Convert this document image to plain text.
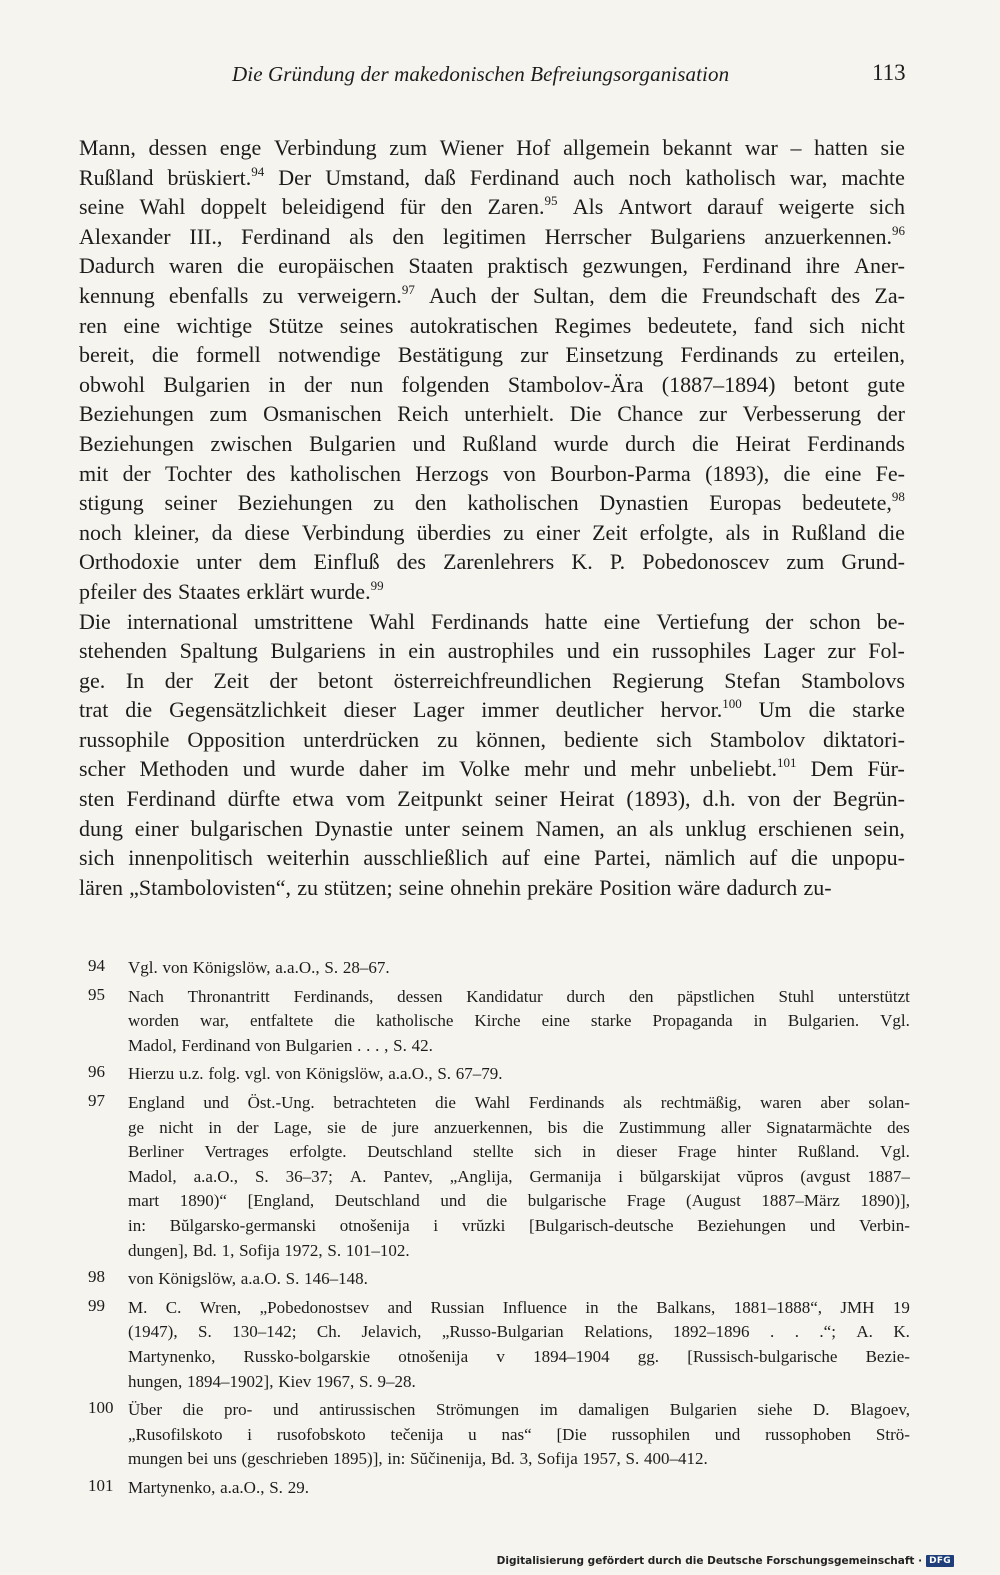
Die Gründung der makedonischen Befreiungsorganisation	113
Mann, dessen enge Verbindung zum Wiener Hof allgemein bekannt war – hatten sie
Rußland brüskiert.$^{94}$ Der Umstand, daß Ferdinand auch noch katholisch war, machte
seine Wahl doppelt beleidigend für den Zaren.$^{95}$ Als Antwort darauf weigerte sich
Alexander III., Ferdinand als den legitimen Herrscher Bulgariens anzuerkennen.$^{96}$
Dadurch waren die europäischen Staaten praktisch gezwungen, Ferdinand ihre Aner-
kennung ebenfalls zu verweigern.$^{97}$ Auch der Sultan, dem die Freundschaft des Za-
ren eine wichtige Stütze seines autokratischen Regimes bedeutete, fand sich nicht
bereit, die formell notwendige Bestätigung zur Einsetzung Ferdinands zu erteilen,
obwohl Bulgarien in der nun folgenden Stambolov-Ära (1887–1894) betont gute
Beziehungen zum Osmanischen Reich unterhielt. Die Chance zur Verbesserung der
Beziehungen zwischen Bulgarien und Rußland wurde durch die Heirat Ferdinands
mit der Tochter des katholischen Herzogs von Bourbon-Parma (1893), die eine Fe-
stigung seiner Beziehungen zu den katholischen Dynastien Europas bedeutete,$^{98}$
noch kleiner, da diese Verbindung überdies zu einer Zeit erfolgte, als in Rußland die
Orthodoxie unter dem Einfluß des Zarenlehrers K. P. Pobedonoscev zum Grund-
pfeiler des Staates erklärt wurde.$^{99}$
Die international umstrittene Wahl Ferdinands hatte eine Vertiefung der schon be-
stehenden Spaltung Bulgariens in ein austrophiles und ein russophiles Lager zur Fol-
ge. In der Zeit der betont österreichfreundlichen Regierung Stefan Stambolovs
trat die Gegensätzlichkeit dieser Lager immer deutlicher hervor.$^{100}$ Um die starke
russophile Opposition unterdrücken zu können, bediente sich Stambolov diktatori-
scher Methoden und wurde daher im Volke mehr und mehr unbeliebt.$^{101}$ Dem Für-
sten Ferdinand dürfte etwa vom Zeitpunkt seiner Heirat (1893), d.h. von der Begrün-
dung einer bulgarischen Dynastie unter seinem Namen, an als unklug erschienen sein,
sich innenpolitisch weiterhin ausschließlich auf eine Partei, nämlich auf die unpopu-
lären „Stambolovisten“, zu stützen; seine ohnehin prekäre Position wäre dadurch zu-
94	Vgl. von Königslöw, a.a.O., S. 28–67.
95	Nach Thronantritt Ferdinands, dessen Kandidatur durch den päpstlichen Stuhl unterstützt
worden war, entfaltete die katholische Kirche eine starke Propaganda in Bulgarien. Vgl.
Madol, Ferdinand von Bulgarien . . . , S. 42.
96	Hierzu u.z. folg. vgl. von Königslöw, a.a.O., S. 67–79.
97	England und Öst.-Ung. betrachteten die Wahl Ferdinands als rechtmäßig, waren aber solan-
ge nicht in der Lage, sie de jure anzuerkennen, bis die Zustimmung aller Signatarmächte des
Berliner Vertrages erfolgte. Deutschland stellte sich in dieser Frage hinter Rußland. Vgl.
Madol, a.a.O., S. 36–37; A. Pantev, „Anglija, Germanija i bŭlgarskijat vŭpros (avgust 1887–
mart 1890)“ [England, Deutschland und die bulgarische Frage (August 1887–März 1890)],
in: Bŭlgarsko-germanski otnošenija i vrŭzki [Bulgarisch-deutsche Beziehungen und Verbin-
dungen], Bd. 1, Sofija 1972, S. 101–102.
98	von Königslöw, a.a.O. S. 146–148.
99	M. C. Wren, „Pobedonostsev and Russian Influence in the Balkans, 1881–1888“, JMH 19
(1947), S. 130–142; Ch. Jelavich, „Russo-Bulgarian Relations, 1892–1896 . . .“; A. K.
Martynenko, Russko-bolgarskie otnošenija v 1894–1904 gg. [Russisch-bulgarische Bezie-
hungen, 1894–1902], Kiev 1967, S. 9–28.
100 Über die pro- und antirussischen Strömungen im damaligen Bulgarien siehe D. Blagoev,
„Rusofilskoto i rusofobskoto tečenija u nas“ [Die russophilen und russophoben Strö-
mungen bei uns (geschrieben 1895)], in: Sŭčinenija, Bd. 3, Sofija 1957, S. 400–412.
101 Martynenko, a.a.O., S. 29.
Digitalisierung gefördert durch die Deutsche Forschungsgemeinschaft · DFG
